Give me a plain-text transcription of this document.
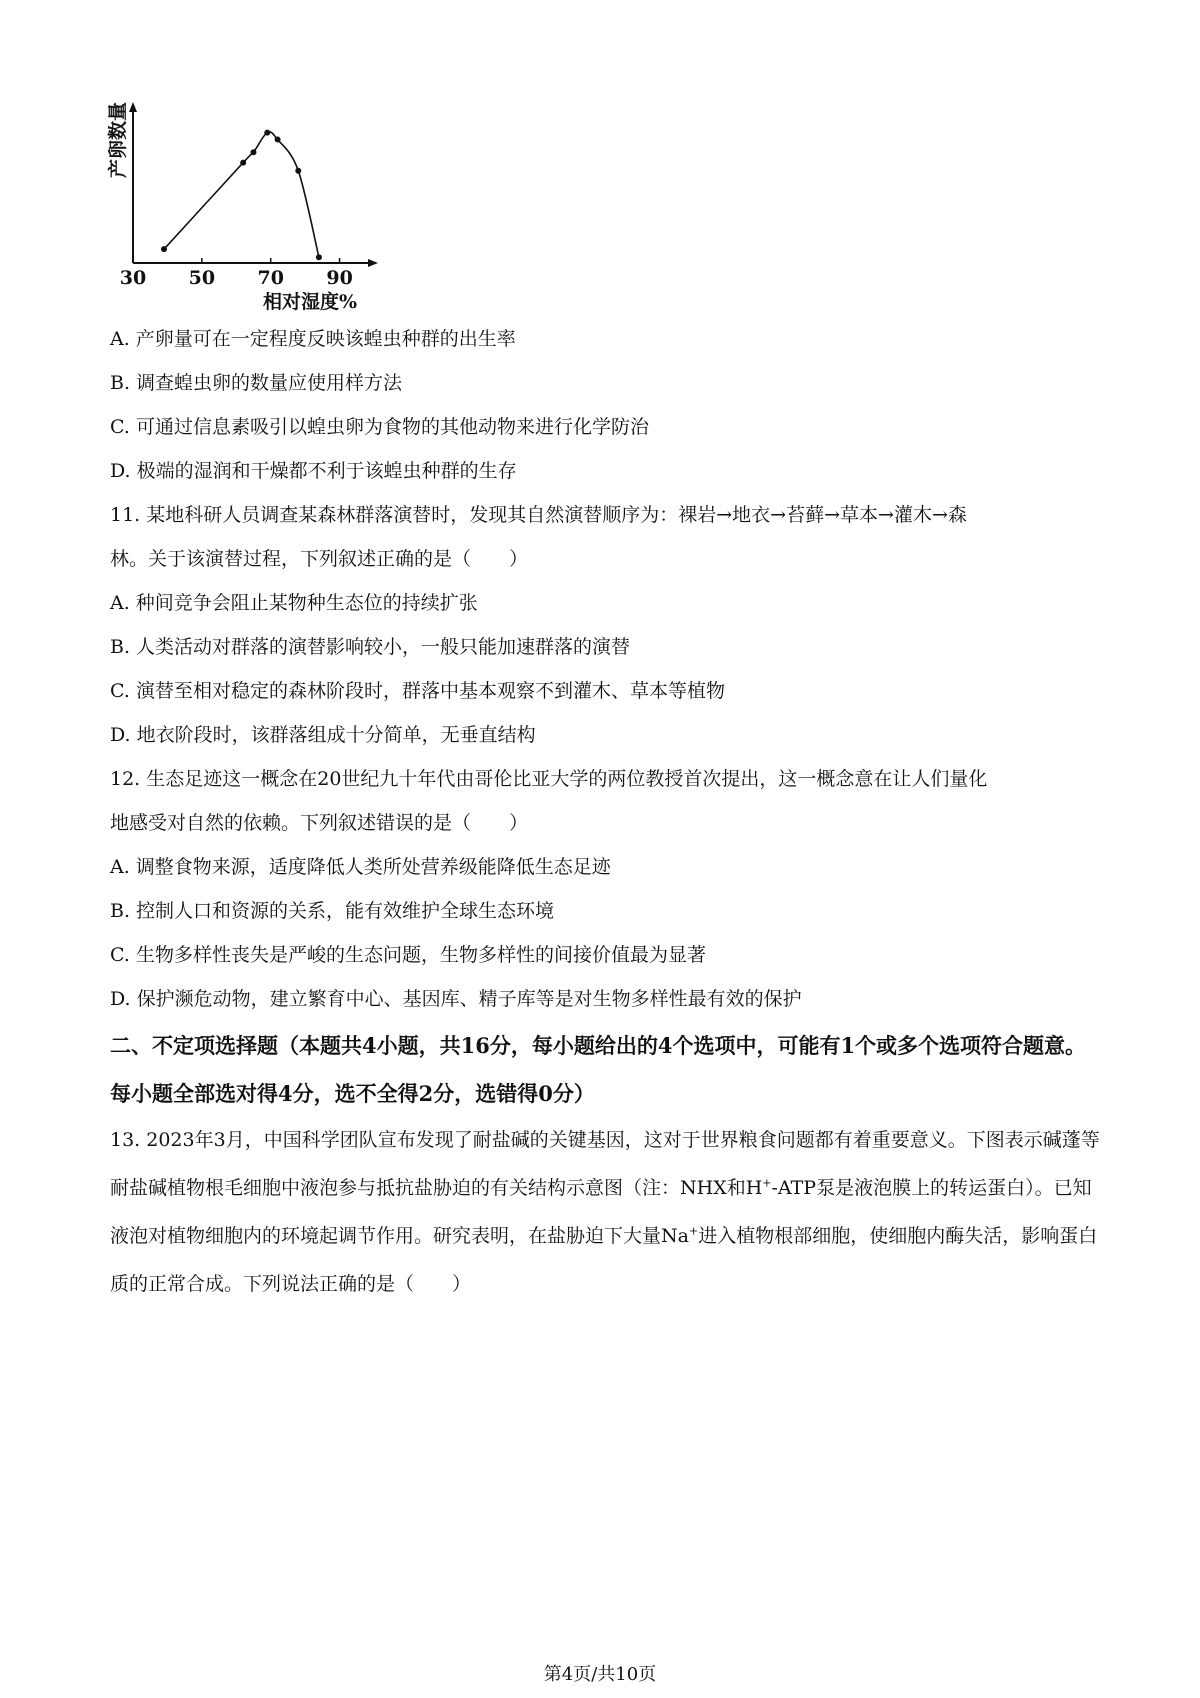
30 50 70 90
产卵数量
相对湿度%
A. 产卵量可在一定程度反映该蝗虫种群的出生率
B. 调查蝗虫卵的数量应使用样方法
C. 可通过信息素吸引以蝗虫卵为食物的其他动物来进行化学防治
D. 极端的湿润和干燥都不利于该蝗虫种群的生存
11. 某地科研人员调查某森林群落演替时，发现其自然演替顺序为：裸岩→地衣→苔藓→草本→灌木→森
林。关于该演替过程，下列叙述正确的是（　　）
A. 种间竞争会阻止某物种生态位的持续扩张
B. 人类活动对群落的演替影响较小，一般只能加速群落的演替
C. 演替至相对稳定的森林阶段时，群落中基本观察不到灌木、草本等植物
D. 地衣阶段时，该群落组成十分简单，无垂直结构
12. 生态足迹这一概念在20世纪九十年代由哥伦比亚大学的两位教授首次提出，这一概念意在让人们量化
地感受对自然的依赖。下列叙述错误的是（　　）
A. 调整食物来源，适度降低人类所处营养级能降低生态足迹
B. 控制人口和资源的关系，能有效维护全球生态环境
C. 生物多样性丧失是严峻的生态问题，生物多样性的间接价值最为显著
D. 保护濒危动物，建立繁育中心、基因库、精子库等是对生物多样性最有效的保护
二、不定项选择题（本题共4小题，共16分，每小题给出的4个选项中，可能有1个或多个选项符合题意。每小题全部选对得4分，选不全得2分，选错得0分）
13. 2023年3月，中国科学团队宣布发现了耐盐碱的关键基因，这对于世界粮食问题都有着重要意义。下图表示碱蓬等耐盐碱植物根毛细胞中液泡参与抵抗盐胁迫的有关结构示意图（注：NHX和H+-ATP泵是液泡膜上的转运蛋白）。已知液泡对植物细胞内的环境起调节作用。研究表明，在盐胁迫下大量Na+进入植物根部细胞，使细胞内酶失活，影响蛋白质的正常合成。下列说法正确的是（　　）
第4页/共10页
